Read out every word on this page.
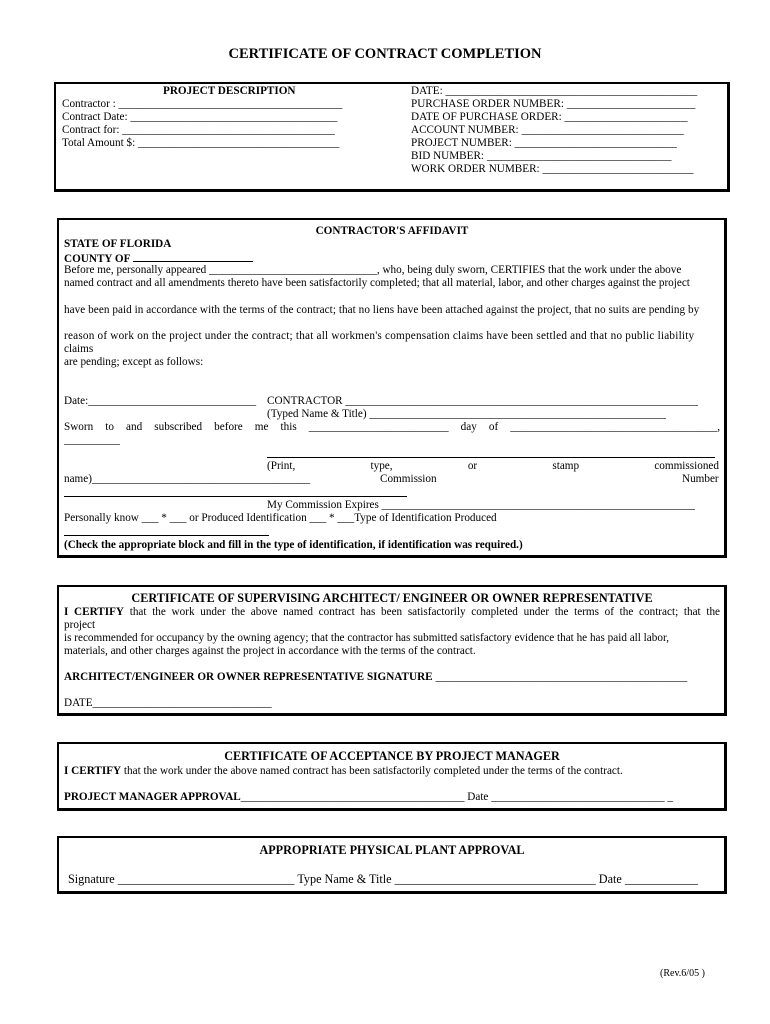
CERTIFICATE OF CONTRACT COMPLETION
PROJECT DESCRIPTION
Contractor : ________________________________________
Contract Date: _____________________________________
Contract for: ______________________________________
Total Amount $: ____________________________________
DATE: _____________________________________________
PURCHASE ORDER NUMBER: _______________________
DATE OF PURCHASE ORDER: ______________________
ACCOUNT NUMBER: _____________________________
PROJECT NUMBER: _____________________________
BID NUMBER: _________________________________
WORK ORDER NUMBER: ___________________________
CONTRACTOR'S AFFIDAVIT
STATE OF FLORIDA
COUNTY OF
Before me, personally appeared ______________________________, who, being duly sworn, CERTIFIES that the work under the above
named contract and all amendments thereto have been satisfactorily completed; that all material, labor, and other charges against the project
have been paid in accordance with the terms of the contract; that no liens have been attached against the project, that no suits are pending by
reason of work on the project under the contract; that all workmen's compensation claims have been settled and that no public liability
claims
are pending; except as follows:
Date:______________________________ CONTRACTOR _______________________________________________________________
(Typed Name & Title) _____________________________________________________
Sworn to and subscribed before me this _________________________ day of _____________________________________,
__________
(Print,	type,	or	stamp	commissioned
name)_______________________________________	Commission	Number
My Commission Expires ________________________________________________________
Personally know ___ * ___ or Produced Identification ___ * ___Type of Identification Produced
(Check the appropriate block and fill in the type of identification, if identification was required.)
CERTIFICATE OF SUPERVISING ARCHITECT/ ENGINEER OR OWNER REPRESENTATIVE
I CERTIFY that the work under the above named contract has been satisfactorily completed under the terms of the contract; that the
project
is recommended for occupancy by the owning agency; that the contractor has submitted satisfactory evidence that he has paid all labor,
materials, and other charges against the project in accordance with the terms of the contract.
ARCHITECT/ENGINEER OR OWNER REPRESENTATIVE SIGNATURE _____________________________________________
DATE________________________________
CERTIFICATE OF ACCEPTANCE BY PROJECT MANAGER
I CERTIFY that the work under the above named contract has been satisfactorily completed under the terms of the contract.
PROJECT MANAGER APPROVAL________________________________________ Date _______________________________ _
APPROPRIATE PHYSICAL PLANT APPROVAL
Signature _____________________________ Type Name & Title _________________________________ Date ____________
(Rev.6/05 )
